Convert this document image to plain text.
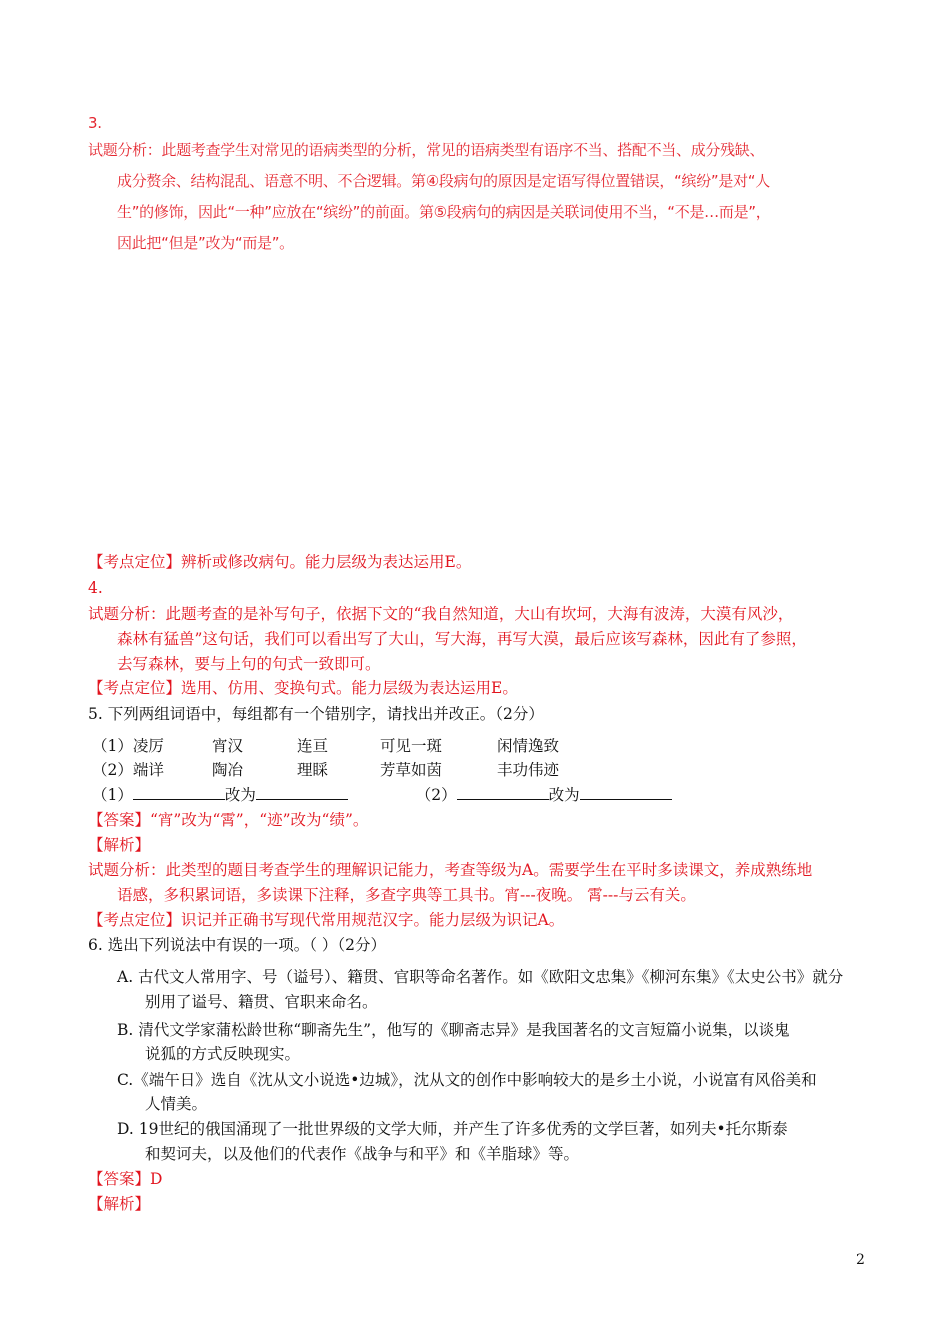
3.
试题分析：此题考查学生对常见的语病类型的分析，常见的语病类型有语序不当、搭配不当、成分残缺、
成分赘余、结构混乱、语意不明、不合逻辑。第④段病句的原因是定语写得位置错误，“缤纷”是对“人
生”的修饰，因此“一种”应放在“缤纷”的前面。第⑤段病句的病因是关联词使用不当，“不是…而是”，
因此把“但是”改为“而是”。
【考点定位】辨析或修改病句。能力层级为表达运用E。
4.
试题分析：此题考查的是补写句子，依据下文的“我自然知道，大山有坎坷，大海有波涛，大漠有风沙，
森林有猛兽”这句话，我们可以看出写了大山，写大海，再写大漠，最后应该写森林，因此有了参照，
去写森林，要与上句的句式一致即可。
【考点定位】选用、仿用、变换句式。能力层级为表达运用E。
5. 下列两组词语中，每组都有一个错别字，请找出并改正。（2分）
（1）凌厉	宵汉	连亘	可见一斑	闲情逸致
（2）端详	陶冶	理睬	芳草如茵	丰功伟迹
（1）	改为	（2）	改为
【答案】“宵”改为“霄”，“迹”改为“绩”。
【解析】
试题分析：此类型的题目考查学生的理解识记能力，考查等级为A。需要学生在平时多读课文，养成熟练地
语感，多积累词语，多读课下注释，多查字典等工具书。宵---夜晚。 霄---与云有关。
【考点定位】识记并正确书写现代常用规范汉字。能力层级为识记A。
6. 选出下列说法中有误的一项。（ ）（2分）
A. 古代文人常用字、号（谥号）、籍贯、官职等命名著作。如《欧阳文忠集》《柳河东集》《太史公书》就分
别用了谥号、籍贯、官职来命名。
B. 清代文学家蒲松龄世称“聊斋先生”，他写的《聊斋志异》是我国著名的文言短篇小说集，以谈鬼
说狐的方式反映现实。
C.《端午日》选自《沈从文小说选•边城》，沈从文的创作中影响较大的是乡土小说，小说富有风俗美和
人情美。
D. 19世纪的俄国涌现了一批世界级的文学大师，并产生了许多优秀的文学巨著，如列夫•托尔斯泰
和契诃夫，以及他们的代表作《战争与和平》和《羊脂球》等。
【答案】D
【解析】
2
